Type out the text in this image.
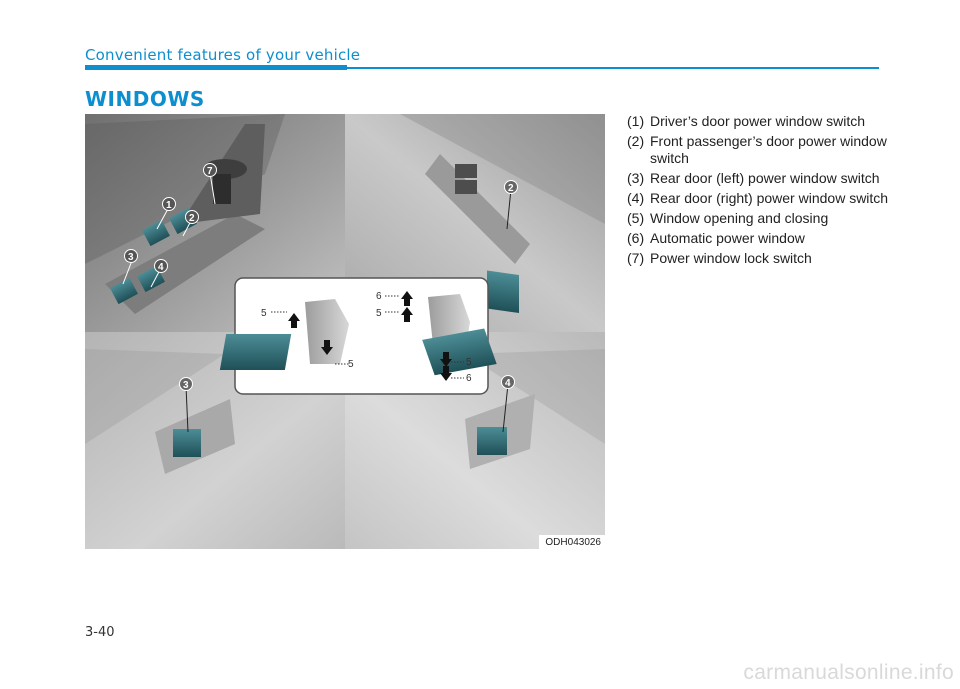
Convenient features of your vehicle
WINDOWS
5
5
6
5
5
6
AUTO
1
2
3
4
7
2
3	4
ODH043026
(1) Driver’s door power window switch
(2) Front passenger’s door power window switch
(3) Rear door (left) power window switch
(4) Rear door (right) power window switch
(5) Window opening and closing
(6) Automatic power window
(7) Power window lock switch
3-40
carmanualsonline.info
